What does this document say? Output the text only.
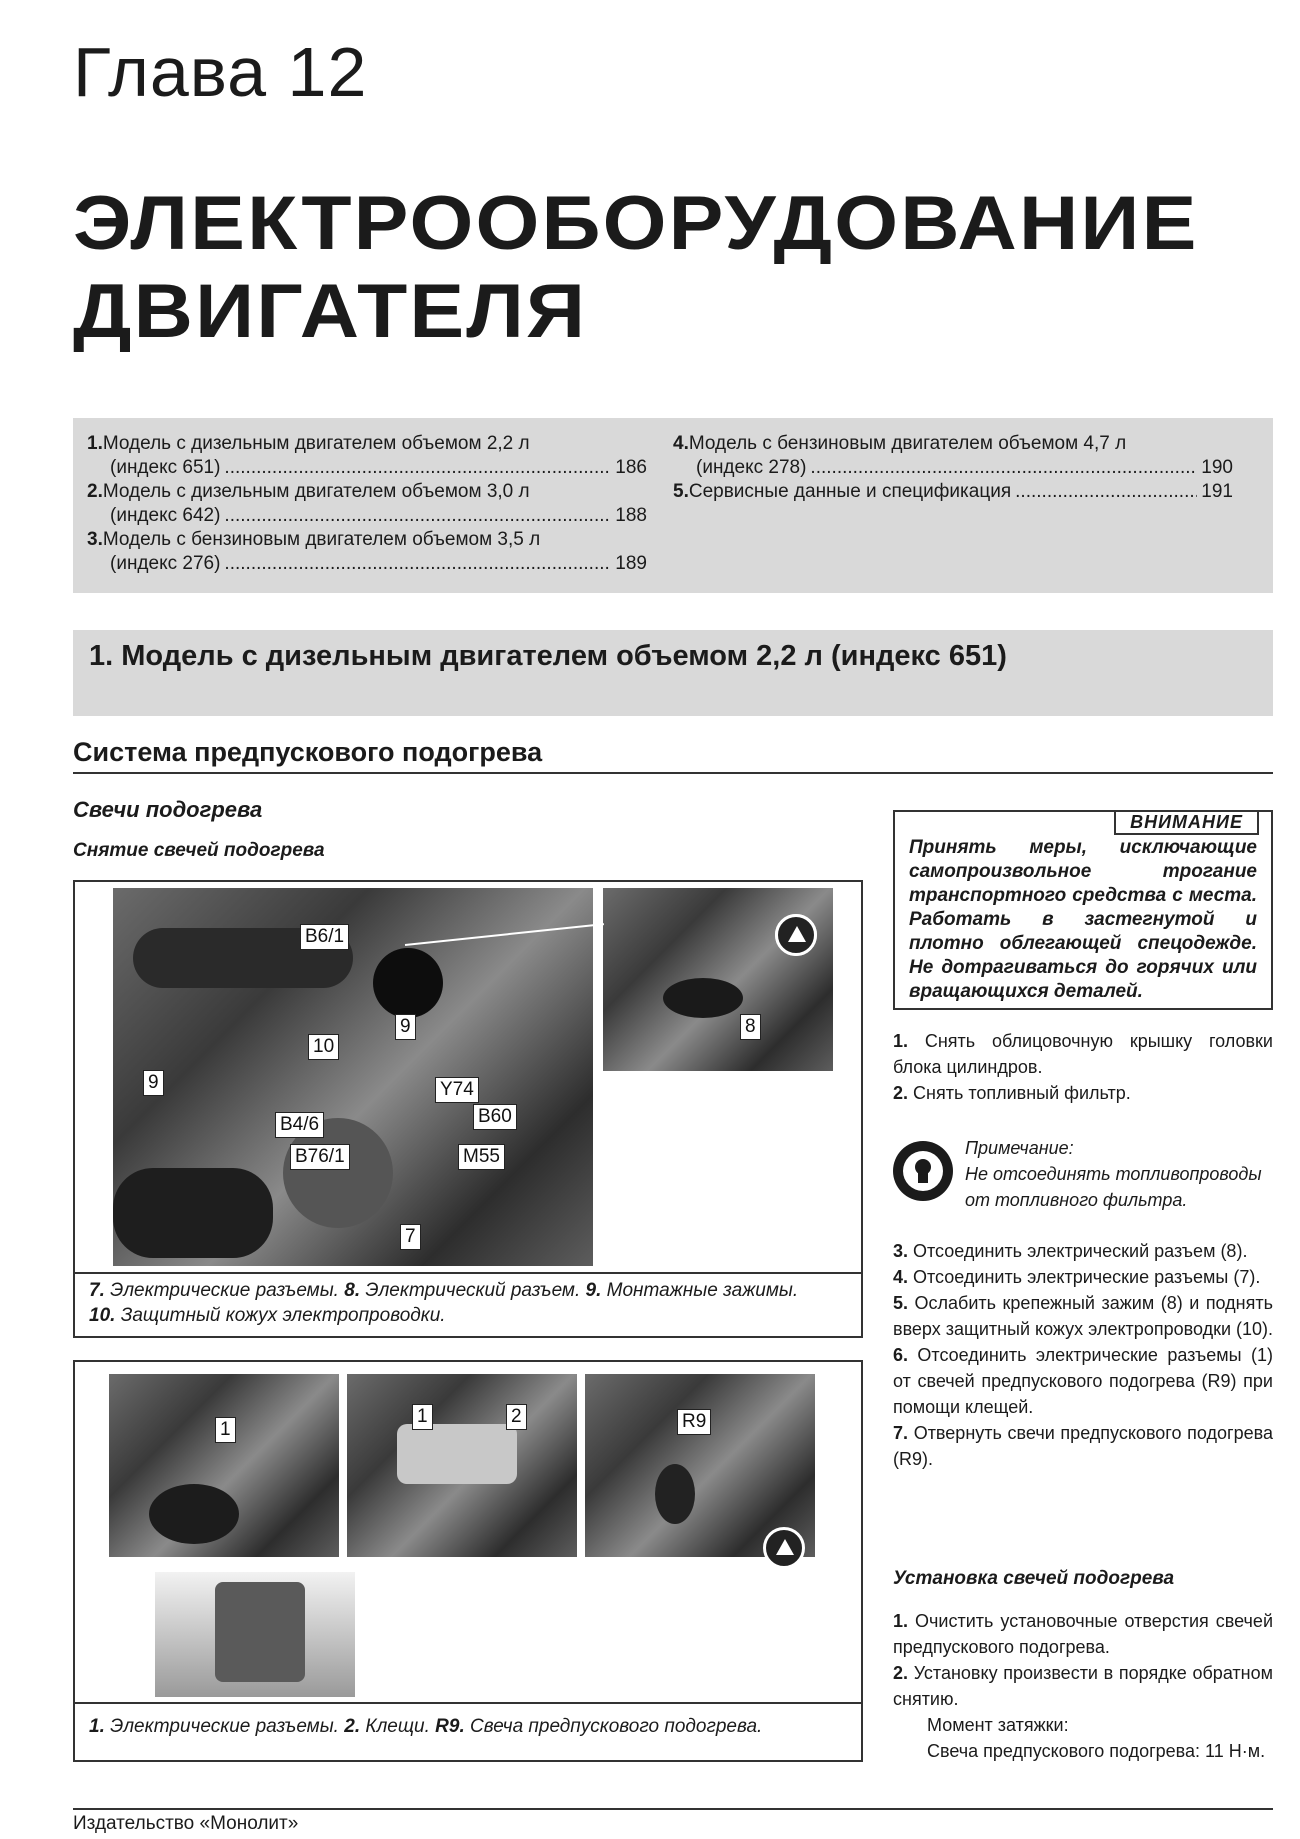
Глава 12
ЭЛЕКТРООБОРУДОВАНИЕ
ДВИГАТЕЛЯ
1.Модель с дизельным двигателем объемом 2,2 л
(индекс 651) .....	186
2.Модель с дизельным двигателем объемом 3,0 л
(индекс 642) .....	188
3.Модель с бензиновым двигателем объемом 3,5 л
(индекс 276) .....	189
4.Модель с бензиновым двигателем объемом 4,7 л
(индекс 278) .....	190
5. Сервисные данные и спецификация .....	191
1. Модель с дизельным двигателем объемом 2,2 л (индекс 651)
Система предпускового подогрева
Свечи подогрева
Снятие свечей подогрева
B6/1
10
9
9	Y74
B60
B4/6
B76/1	M55
7
8
7. Электрические разъемы. 8. Электрический разъем. 9. Монтажные зажимы.
10. Защитный кожух электропроводки.
1
1	2	R9
1. Электрические разъемы. 2. Клещи. R9. Свеча предпускового подогрева.
ВНИМАНИЕ
Принять меры, исключающие самопроизвольное трогание транспортного средства с места. Работать в застегнутой и плотно облегающей спецодежде. Не дотрагиваться до горячих или вращающихся деталей.

1. Снять облицовочную крышку головки блока цилиндров.

2. Снять топливный фильтр.

Примечание:
Не отсоединять топливопроводы от топливного фильтра.

3. Отсоединить электрический разъем (8).

4. Отсоединить электрические разъемы (7).

5. Ослабить крепежный зажим (8) и поднять вверх защитный кожух электропроводки (10).

6. Отсоединить электрические разъемы (1) от свечей предпускового подогрева (R9) при помощи клещей.

7. Отвернуть свечи предпускового подогрева (R9).

Установка свечей подогрева

1. Очистить установочные отверстия свечей предпускового подогрева.

2. Установку произвести в порядке обратном снятию.

Момент затяжки:

Свеча предпускового подогрева: 11 Н·м.

Издательство «Монолит»
